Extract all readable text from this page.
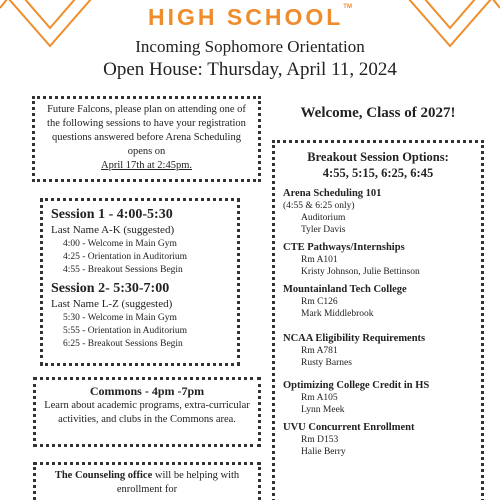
HIGH SCHOOL™
Incoming Sophomore Orientation
Open House: Thursday, April 11, 2024
Future Falcons, please plan on attending one of the following sessions to have your registration questions answered before Arena Scheduling opens on
April 17th at 2:45pm.
Session 1 - 4:00-5:30
Last Name A-K (suggested)
4:00 - Welcome in Main Gym
4:25 - Orientation in Auditorium
4:55 - Breakout Sessions Begin
Session 2- 5:30-7:00
Last Name L-Z (suggested)
5:30 - Welcome in Main Gym
5:55 - Orientation in Auditorium
6:25 - Breakout Sessions Begin
Commons - 4pm -7pm
Learn about academic programs, extra-curricular activities, and clubs in the Commons area.
The Counseling office will be helping with enrollment for
Welcome, Class of 2027!
Breakout Session Options:
4:55, 5:15, 6:25, 6:45
Arena Scheduling 101
(4:55 & 6:25 only)
Auditorium
Tyler Davis
CTE Pathways/Internships
Rm A101
Kristy Johnson, Julie Bettinson
Mountainland Tech College
Rm C126
Mark Middlebrook
NCAA Eligibility Requirements
Rm A781
Rusty Barnes
Optimizing College Credit in HS
Rm A105
Lynn Meek
UVU Concurrent Enrollment
Rm D153
Halie Berry
